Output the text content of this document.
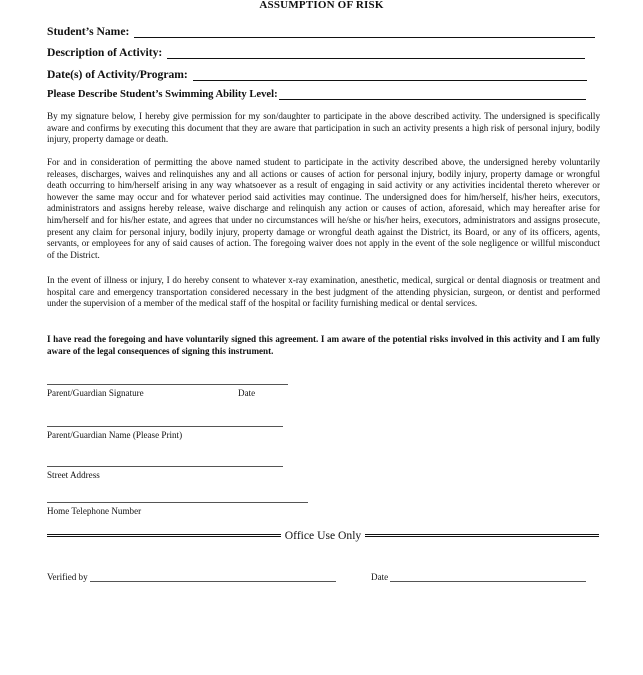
ASSUMPTION OF RISK
Student’s Name:
Description of Activity:
Date(s) of Activity/Program:
Please Describe Student’s Swimming Ability Level:

By my signature below, I hereby give permission for my son/daughter to participate in the above described activity. The undersigned is specifically aware and confirms by executing this document that they are aware that participation in such an activity presents a high risk of personal injury, bodily injury, property damage or death.

For and in consideration of permitting the above named student to participate in the activity described above, the undersigned hereby voluntarily releases, discharges, waives and relinquishes any and all actions or causes of action for personal injury, bodily injury, property damage or wrongful death occurring to him/herself arising in any way whatsoever as a result of engaging in said activity or any activities incidental thereto wherever or however the same may occur and for whatever period said activities may continue. The undersigned does for him/herself, his/her heirs, executors, administrators and assigns hereby release, waive discharge and relinquish any action or causes of action, aforesaid, which may hereafter arise for him/herself and for his/her estate, and agrees that under no circumstances will he/she or his/her heirs, executors, administrators and assigns prosecute, present any claim for personal injury, bodily injury, property damage or wrongful death against the District, its Board, or any of its officers, agents, servants, or employees for any of said causes of action. The foregoing waiver does not apply in the event of the sole negligence or willful misconduct of the District.

In the event of illness or injury, I do hereby consent to whatever x-ray examination, anesthetic, medical, surgical or dental diagnosis or treatment and hospital care and emergency transportation considered necessary in the best judgment of the attending physician, surgeon, or dentist and performed under the supervision of a member of the medical staff of the hospital or facility furnishing medical or dental services.

I have read the foregoing and have voluntarily signed this agreement. I am aware of the potential risks involved in this activity and I am fully aware of the legal consequences of signing this instrument.

Parent/Guardian Signature	Date
Parent/Guardian Name (Please Print)
Street Address
Home Telephone Number
Office Use Only
Verified by	Date
